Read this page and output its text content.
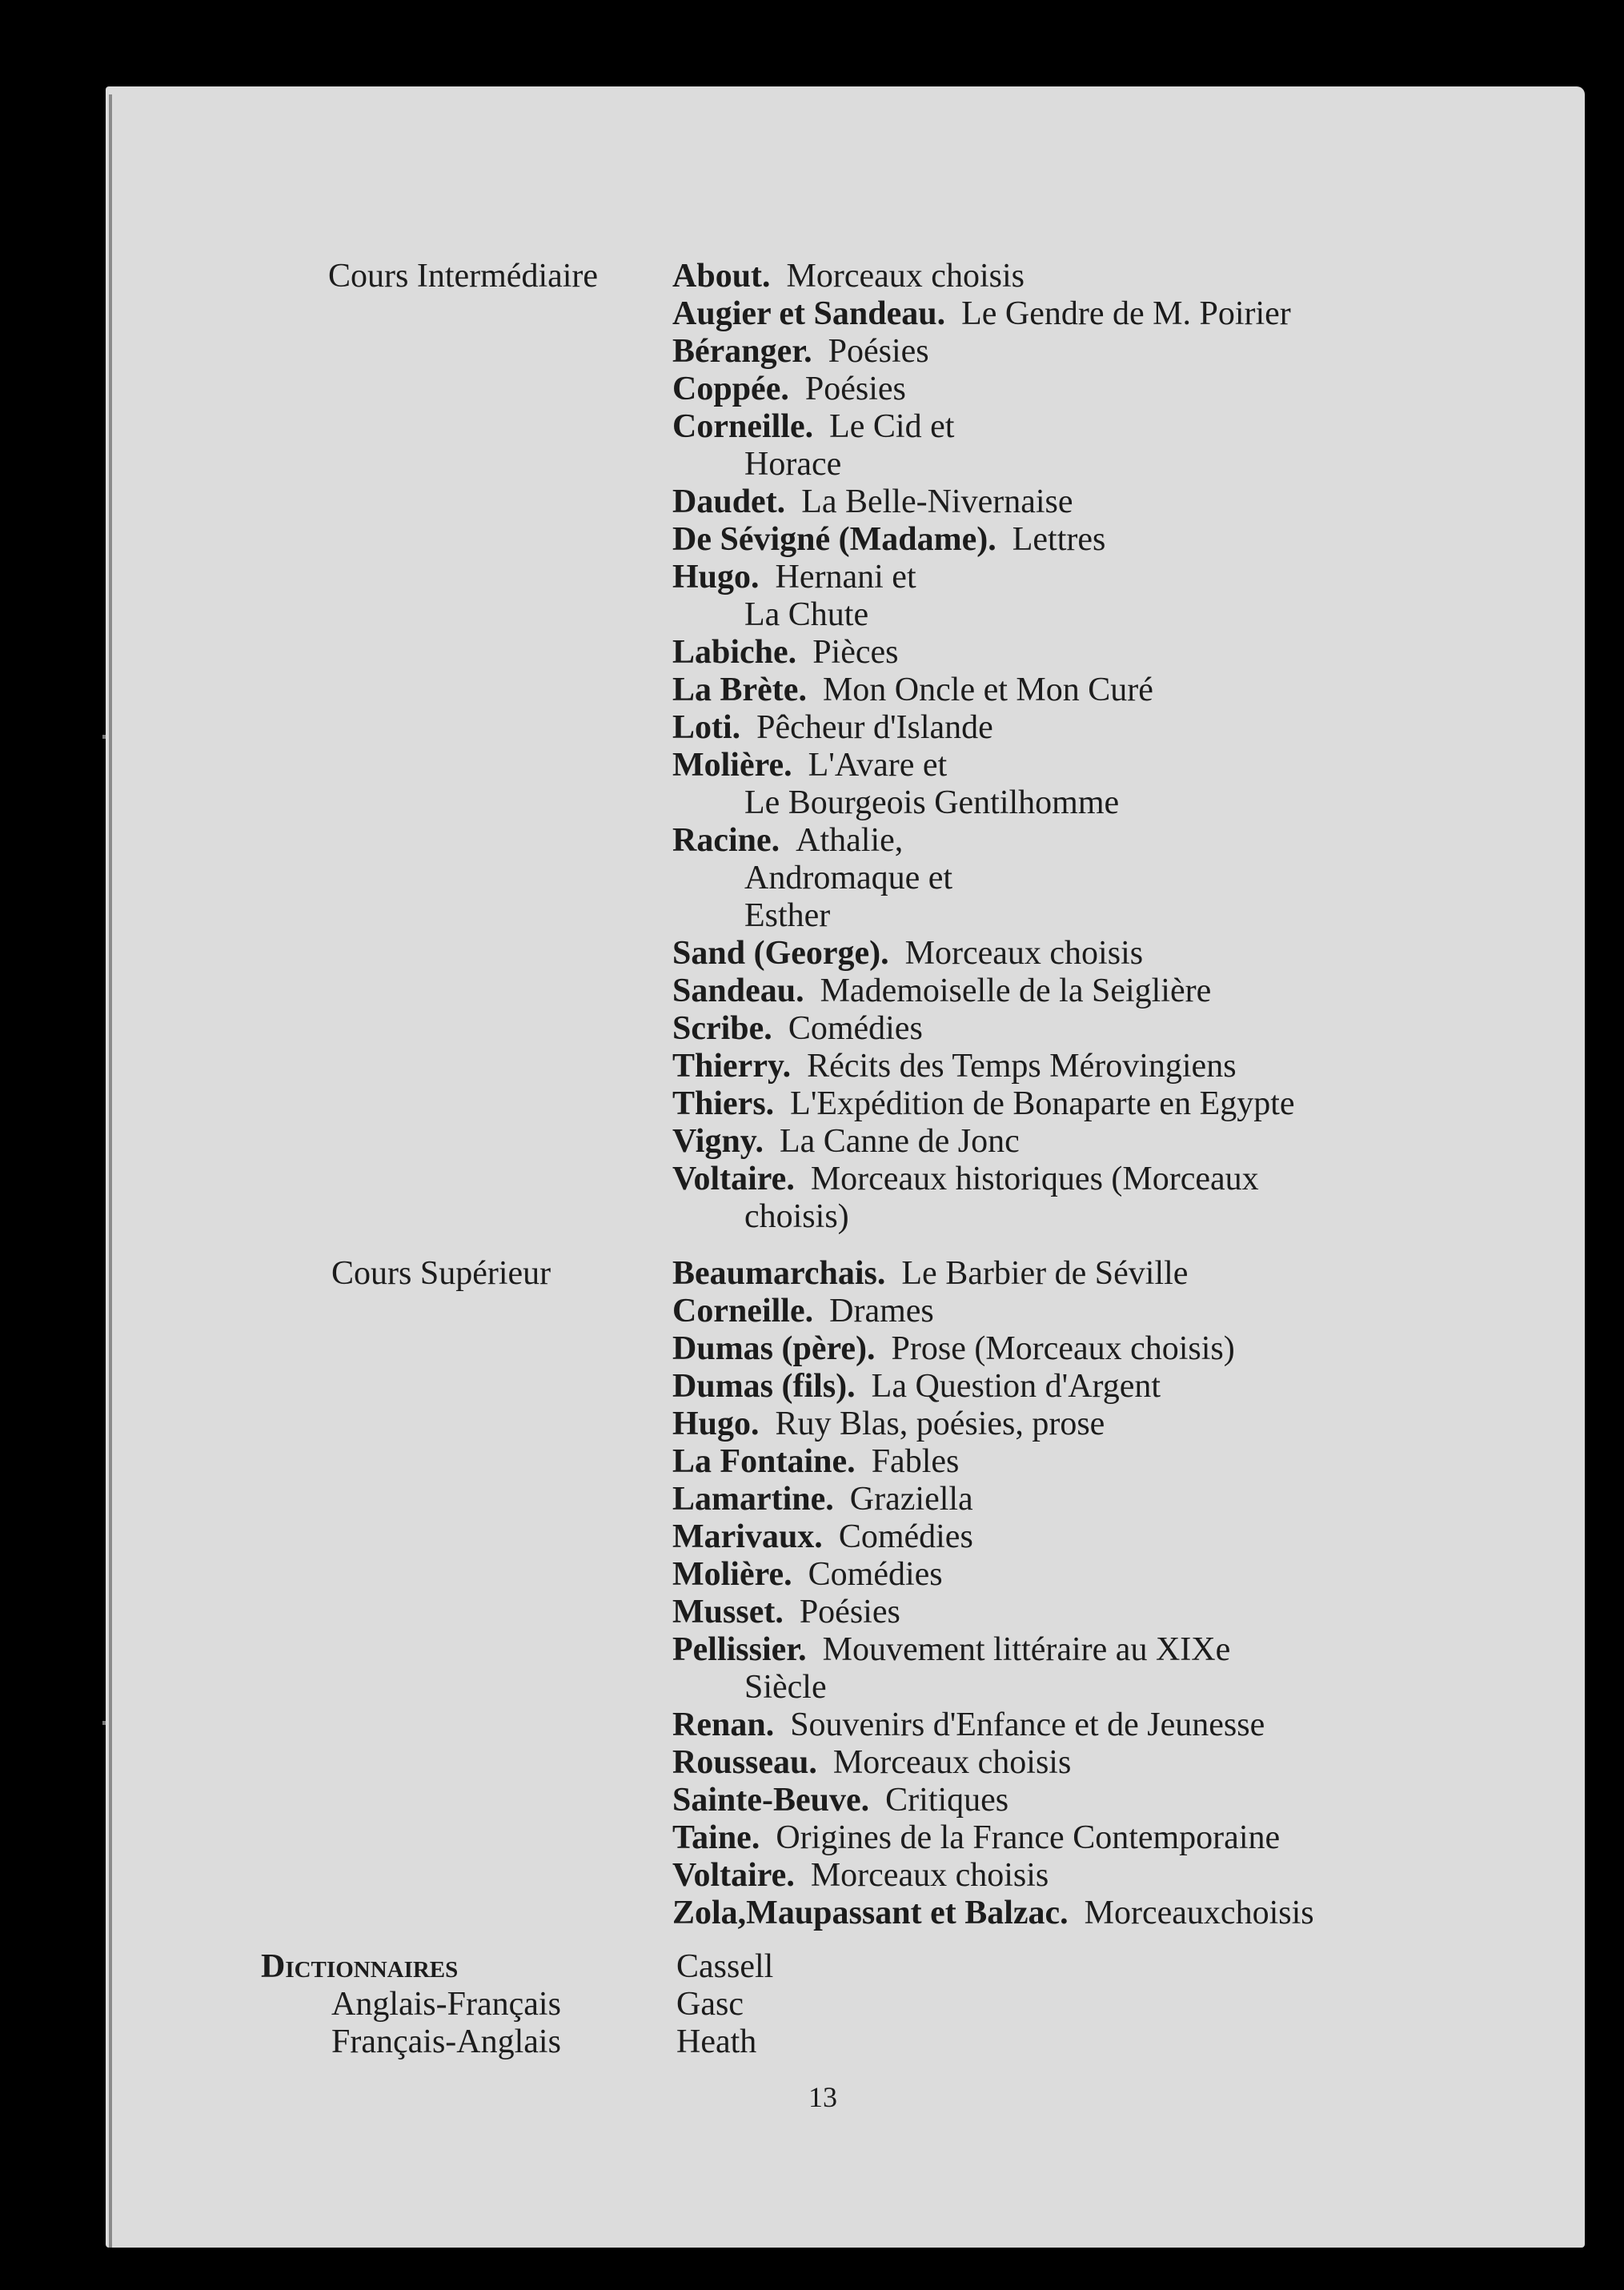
Cours Intermédiaire About. Morceaux choisis
Augier et Sandeau. Le Gendre de M. Poirier
Béranger. Poésies
Coppée. Poésies
Corneille. Le Cid et
Horace
Daudet. La Belle-Nivernaise
De Sévigné (Madame). Lettres
Hugo. Hernani et
La Chute
Labiche. Pièces
La Brète. Mon Oncle et Mon Curé
Loti. Pêcheur d'Islande
Molière. L'Avare et
Le Bourgeois Gentilhomme
Racine. Athalie,
Andromaque et
Esther
Sand (George). Morceaux choisis
Sandeau. Mademoiselle de la Seiglière
Scribe. Comédies
Thierry. Récits des Temps Mérovingiens
Thiers. L'Expédition de Bonaparte en Egypte
Vigny. La Canne de Jonc
Voltaire. Morceaux historiques (Morceaux
choisis)
Cours Supérieur	Beaumarchais. Le Barbier de Séville
Corneille. Drames
Dumas (père). Prose (Morceaux choisis)
Dumas (fils). La Question d'Argent
Hugo. Ruy Blas, poésies, prose
La Fontaine. Fables
Lamartine. Graziella
Marivaux. Comédies
Molière. Comédies
Musset. Poésies
Pellissier. Mouvement littéraire au XIXe
Siècle
Renan. Souvenirs d'Enfance et de Jeunesse
Rousseau. Morceaux choisis
Sainte-Beuve. Critiques
Taine. Origines de la France Contemporaine
Voltaire. Morceaux choisis
Zola,Maupassant et Balzac. Morceauxchoisis
Dictionnaires
Anglais-Français
Français-Anglais
Cassell
Gasc
Heath
13
